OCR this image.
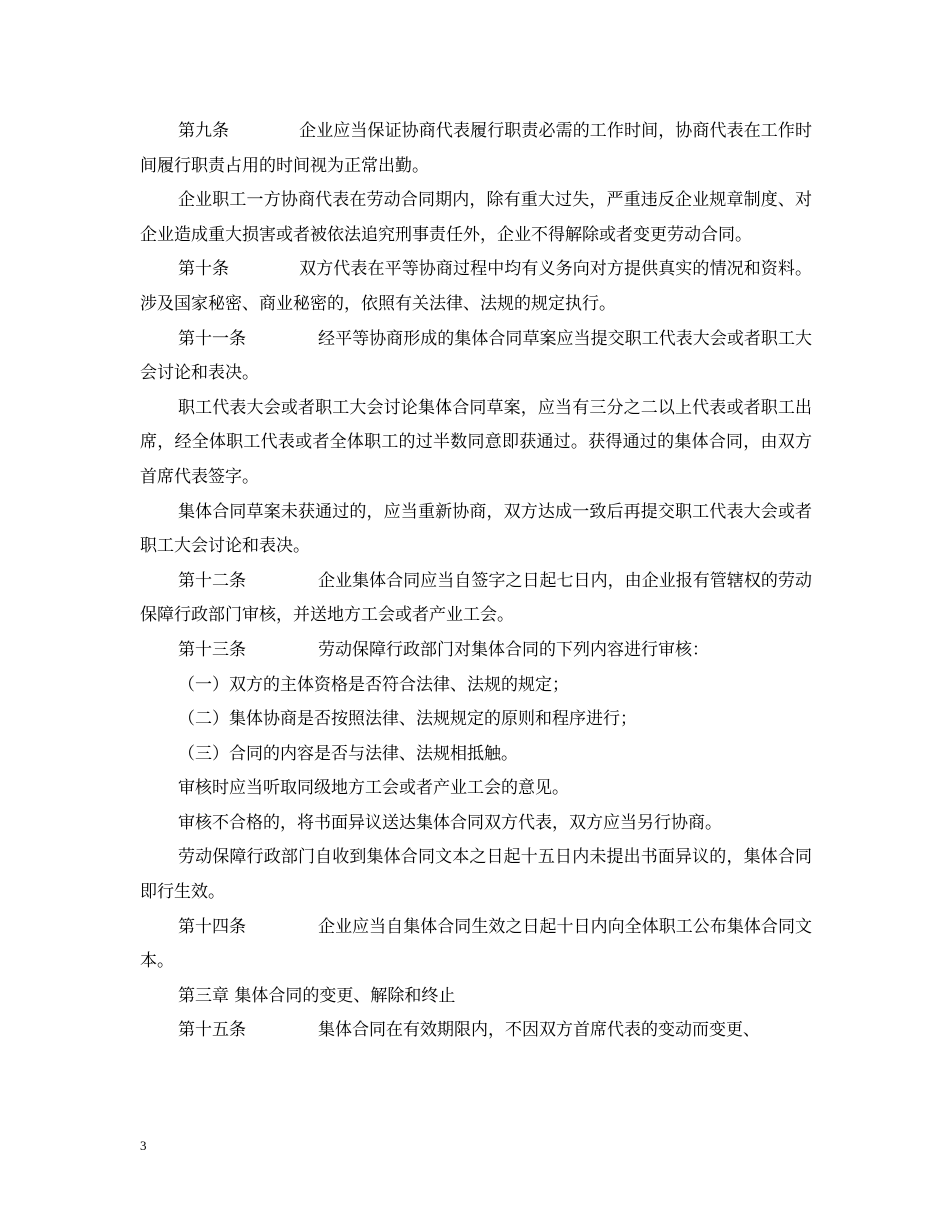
第九条	企业应当保证协商代表履行职责必需的工作时间，协商代表在工作时间履行职责占用的时间视为正常出勤。

企业职工一方协商代表在劳动合同期内，除有重大过失，严重违反企业规章制度、对企业造成重大损害或者被依法追究刑事责任外，企业不得解除或者变更劳动合同。

第十条	双方代表在平等协商过程中均有义务向对方提供真实的情况和资料。涉及国家秘密、商业秘密的，依照有关法律、法规的规定执行。

第十一条	经平等协商形成的集体合同草案应当提交职工代表大会或者职工大会讨论和表决。

职工代表大会或者职工大会讨论集体合同草案，应当有三分之二以上代表或者职工出席，经全体职工代表或者全体职工的过半数同意即获通过。获得通过的集体合同，由双方首席代表签字。

集体合同草案未获通过的，应当重新协商，双方达成一致后再提交职工代表大会或者职工大会讨论和表决。

第十二条	企业集体合同应当自签字之日起七日内，由企业报有管辖权的劳动保障行政部门审核，并送地方工会或者产业工会。

第十三条	劳动保障行政部门对集体合同的下列内容进行审核：

（一）双方的主体资格是否符合法律、法规的规定；

（二）集体协商是否按照法律、法规规定的原则和程序进行；

（三）合同的内容是否与法律、法规相抵触。

审核时应当听取同级地方工会或者产业工会的意见。

审核不合格的，将书面异议送达集体合同双方代表，双方应当另行协商。

劳动保障行政部门自收到集体合同文本之日起十五日内未提出书面异议的，集体合同即行生效。

第十四条	企业应当自集体合同生效之日起十日内向全体职工公布集体合同文本。

第三章 集体合同的变更、解除和终止

第十五条	集体合同在有效期限内，不因双方首席代表的变动而变更、

3
